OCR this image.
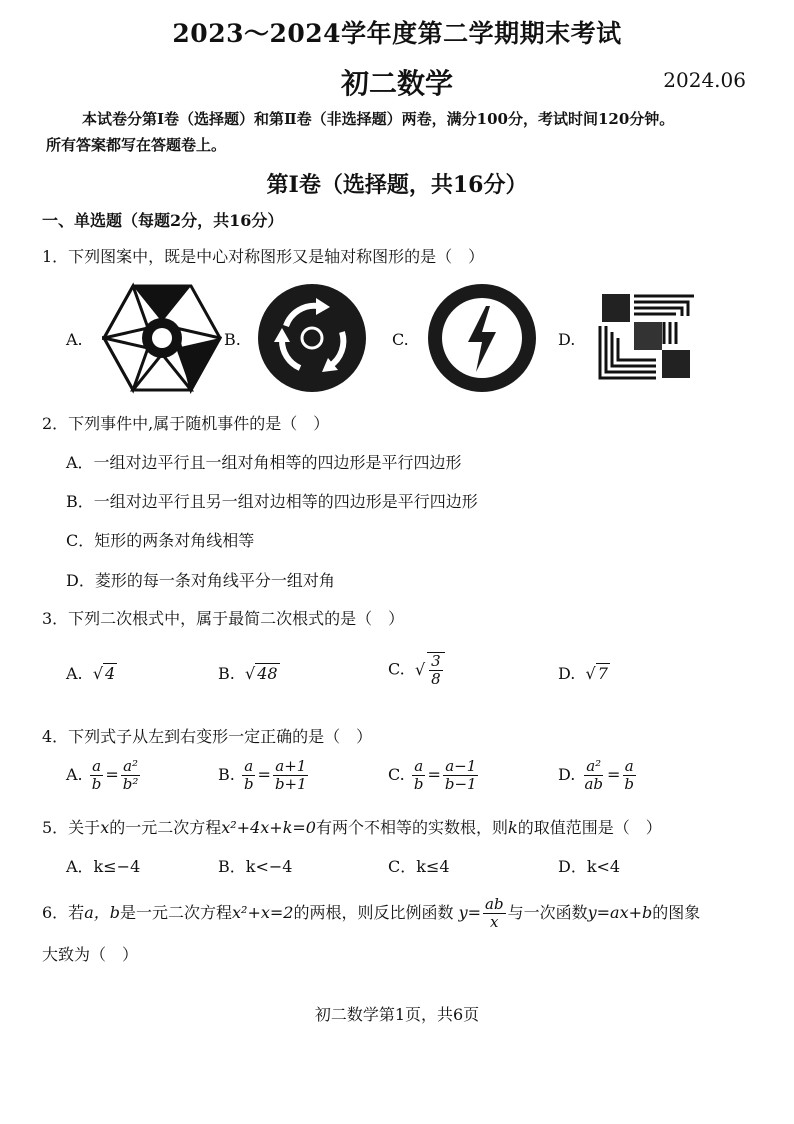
2023～2024学年度第二学期期末考试
初二数学	2024.06
本试卷分第Ⅰ卷（选择题）和第Ⅱ卷（非选择题）两卷，满分100分，考试时间120分钟。
所有答案都写在答题卷上。
第Ⅰ卷（选择题，共16分）
一、单选题（每题2分，共16分）
1．下列图案中，既是中心对称图形又是轴对称图形的是（　）
A.	B.	C.	D.
2．下列事件中,属于随机事件的是（　）
A．一组对边平行且一组对角相等的四边形是平行四边形
B．一组对边平行且另一组对边相等的四边形是平行四边形
C．矩形的两条对角线相等
D．菱形的每一条对角线平分一组对角
3．下列二次根式中，属于最简二次根式的是（　）
A.  √ 4	B.  √ 48	C.  √ $\frac{3}{8}$	D.  √ 7
4．下列式子从左到右变形一定正确的是（　）
A. $\frac{a}{b} = \frac{\text{a²}}{\text{b²}}$	B. $\frac{a}{b} = \frac{a+1}{b+1}$	C. $\frac{a}{b} = \frac{a-1}{b-1}$	D. $\frac{\text{a²}}{ab} = \frac{a}{b}$
5．关于x的一元二次方程x²+4x+k=0有两个不相等的实数根，则k的取值范围是（　）
A．k≤−4	B．k<−4	C．k≤4	D．k<4
6．若a，b是一元二次方程x²+x=2的两根，则反比例函数 $y= \frac{ab}{x}$ 与一次函数y=ax+b的图象
大致为（　）
初二数学第1页，共6页
